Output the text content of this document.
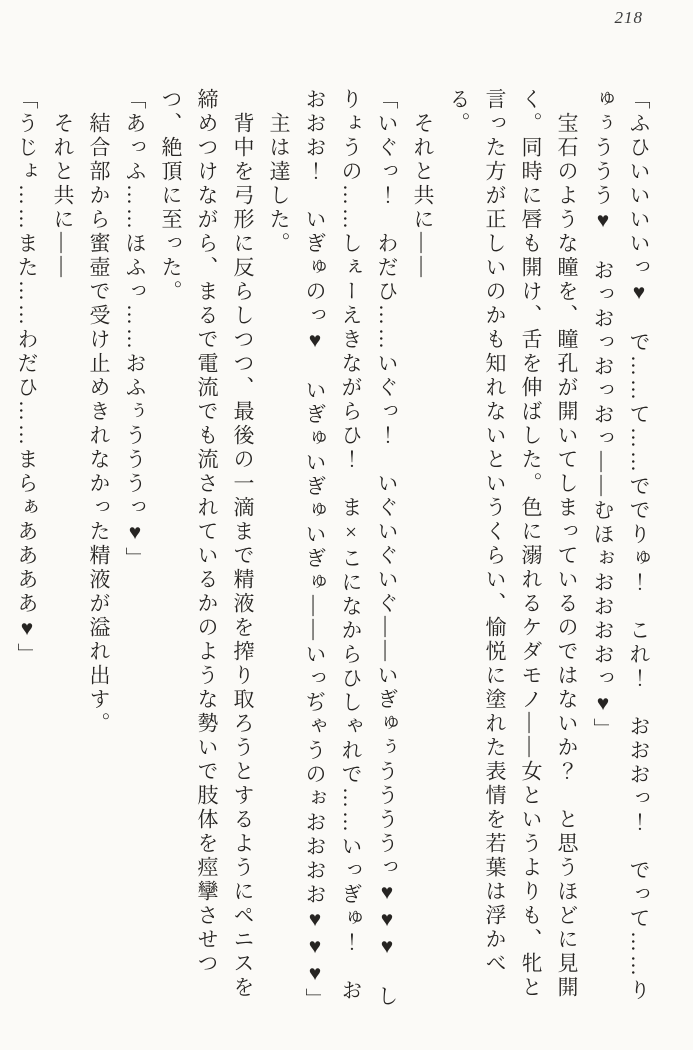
218

「ふひいいいいっ♥　で……て……ででりゅ！　これ！　おおおっ！　でって……りゅぅううう♥　おっおっおっおっ――むほぉおおおおっ♥」

宝石のような瞳を、瞳孔が開いてしまっているのではないか？　と思うほどに見開く。同時に唇も開け、舌を伸ばした。色に溺れるケダモノ――女というよりも、牝と言った方が正しいのかも知れないというくらい、愉悦に塗れた表情を若葉は浮かべる。

それと共に――

「いぐっ！　わだひ……いぐっ！　いぐいぐいぐ――いぎゅぅううううっ♥♥♥　しりょうの……しぇーえきながらひ！　ま×こになからひしゃれで……いっぎゅ！　おおおお！　いぎゅのっ♥　いぎゅいぎゅいぎゅ――いっぢゃうのぉおおおお♥♥♥」

主は達した。

背中を弓形に反らしつつ、最後の一滴まで精液を搾り取ろうとするようにペニスを締めつけながら、まるで電流でも流されているかのような勢いで肢体を痙攣させつつ、絶頂に至った。

「あっふ……ほふっ……おふぅうううっ♥」

結合部から蜜壺で受け止めきれなかった精液が溢れ出す。

それと共に――

「うじょ……また……わだひ……まらぁああああ♥」
